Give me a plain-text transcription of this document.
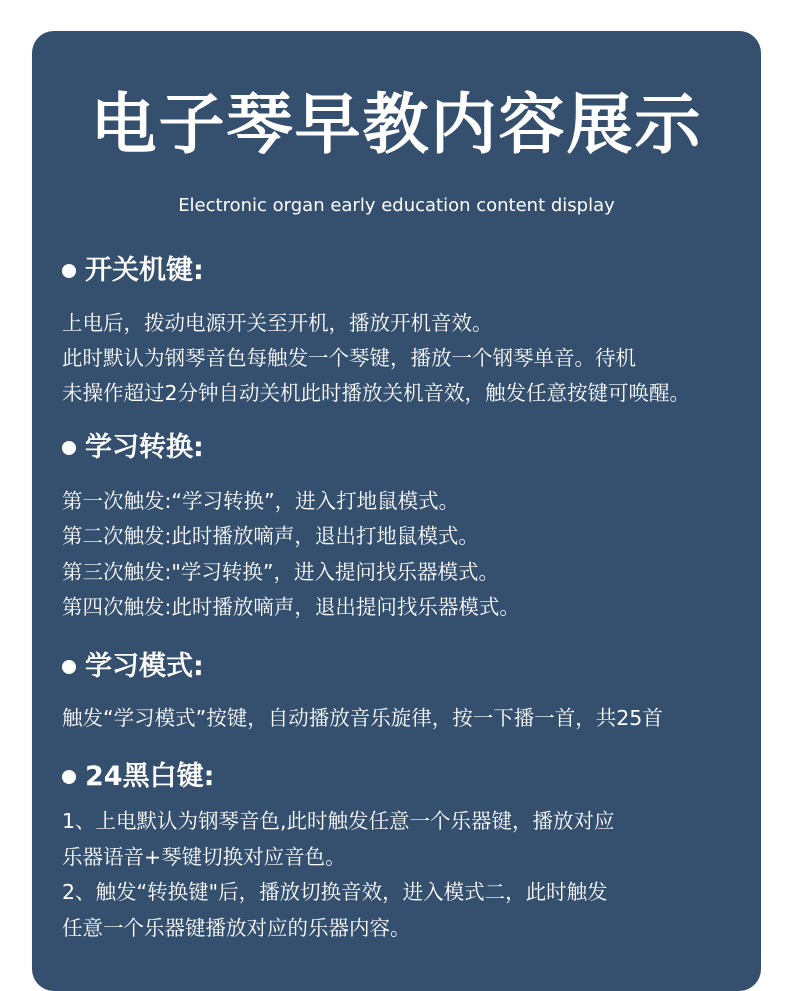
电子琴早教内容展示
Electronic organ early education content display
开关机键:
上电后，拨动电源开关至开机，播放开机音效。
此时默认为钢琴音色每触发一个琴键，播放一个钢琴单音。待机
未操作超过2分钟自动关机此时播放关机音效，触发任意按键可唤醒。
学习转换:
第一次触发:“学习转换”，进入打地鼠模式。
第二次触发:此时播放嘀声，退出打地鼠模式。
第三次触发:"学习转换”，进入提问找乐器模式。
第四次触发:此时播放嘀声，退出提问找乐器模式。
学习模式:
触发“学习模式”按键，自动播放音乐旋律，按一下播一首，共25首
24黑白键:
1、上电默认为钢琴音色,此时触发任意一个乐器键，播放对应
乐器语音+琴键切换对应音色。
2、触发“转换键"后，播放切换音效，进入模式二，此时触发
任意一个乐器键播放对应的乐器内容。
